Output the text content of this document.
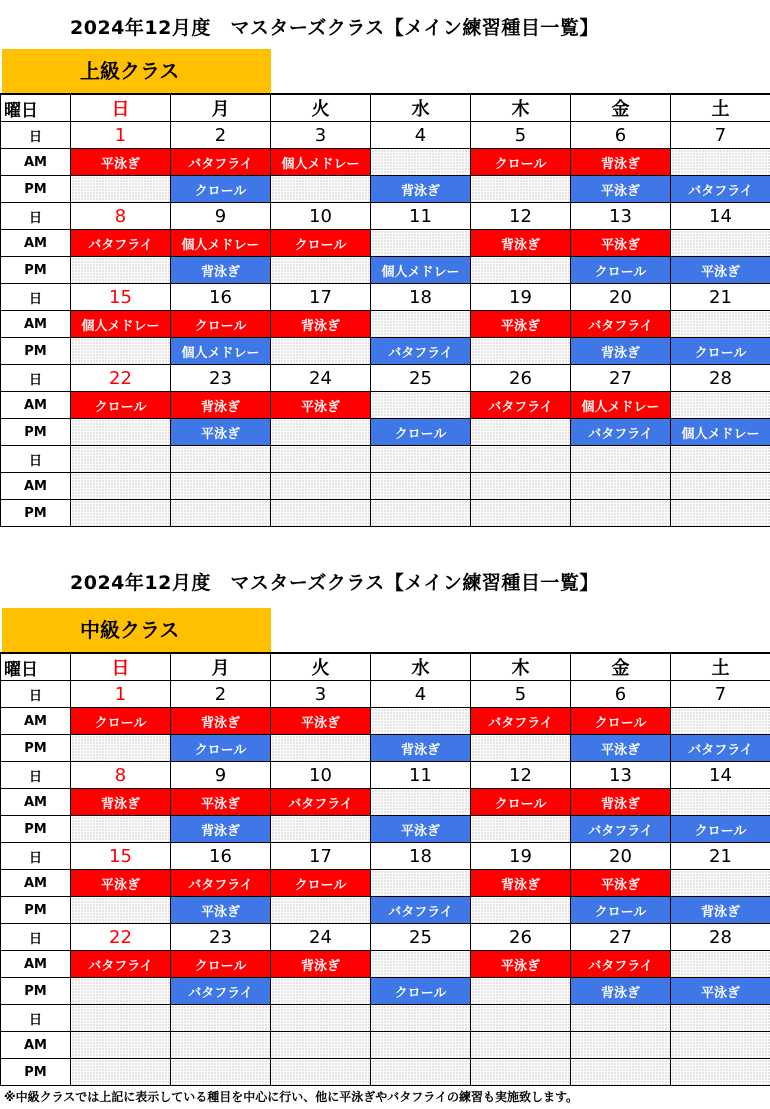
2024年12月度　マスターズクラス【メイン練習種目一覧】
上級クラス
曜日	日	月	火	水	木	金	土
日	1	2	3	4	5	6	7
AM	平泳ぎ	バタフライ	個人メドレー		クロール	背泳ぎ	
PM		クロール		背泳ぎ		平泳ぎ	バタフライ
日	8	9	10	11	12	13	14
AM	バタフライ	個人メドレー	クロール		背泳ぎ	平泳ぎ	
PM		背泳ぎ		個人メドレー		クロール	平泳ぎ
日	15	16	17	18	19	20	21
AM	個人メドレー	クロール	背泳ぎ		平泳ぎ	バタフライ	
PM		個人メドレー		バタフライ		背泳ぎ	クロール
日	22	23	24	25	26	27	28
AM	クロール	背泳ぎ	平泳ぎ		バタフライ	個人メドレー	
PM		平泳ぎ		クロール		バタフライ	個人メドレー
日							
AM							
PM							
2024年12月度　マスターズクラス【メイン練習種目一覧】
中級クラス
曜日	日	月	火	水	木	金	土
日	1	2	3	4	5	6	7
AM	クロール	背泳ぎ	平泳ぎ		バタフライ	クロール	
PM		クロール		背泳ぎ		平泳ぎ	バタフライ
日	8	9	10	11	12	13	14
AM	背泳ぎ	平泳ぎ	バタフライ		クロール	背泳ぎ	
PM		背泳ぎ		平泳ぎ		バタフライ	クロール
日	15	16	17	18	19	20	21
AM	平泳ぎ	バタフライ	クロール		背泳ぎ	平泳ぎ	
PM		平泳ぎ		バタフライ		クロール	背泳ぎ
日	22	23	24	25	26	27	28
AM	バタフライ	クロール	背泳ぎ		平泳ぎ	バタフライ	
PM		バタフライ		クロール		背泳ぎ	平泳ぎ
日							
AM							
PM							
※中級クラスでは上記に表示している種目を中心に行い、他に平泳ぎやバタフライの練習も実施致します。
